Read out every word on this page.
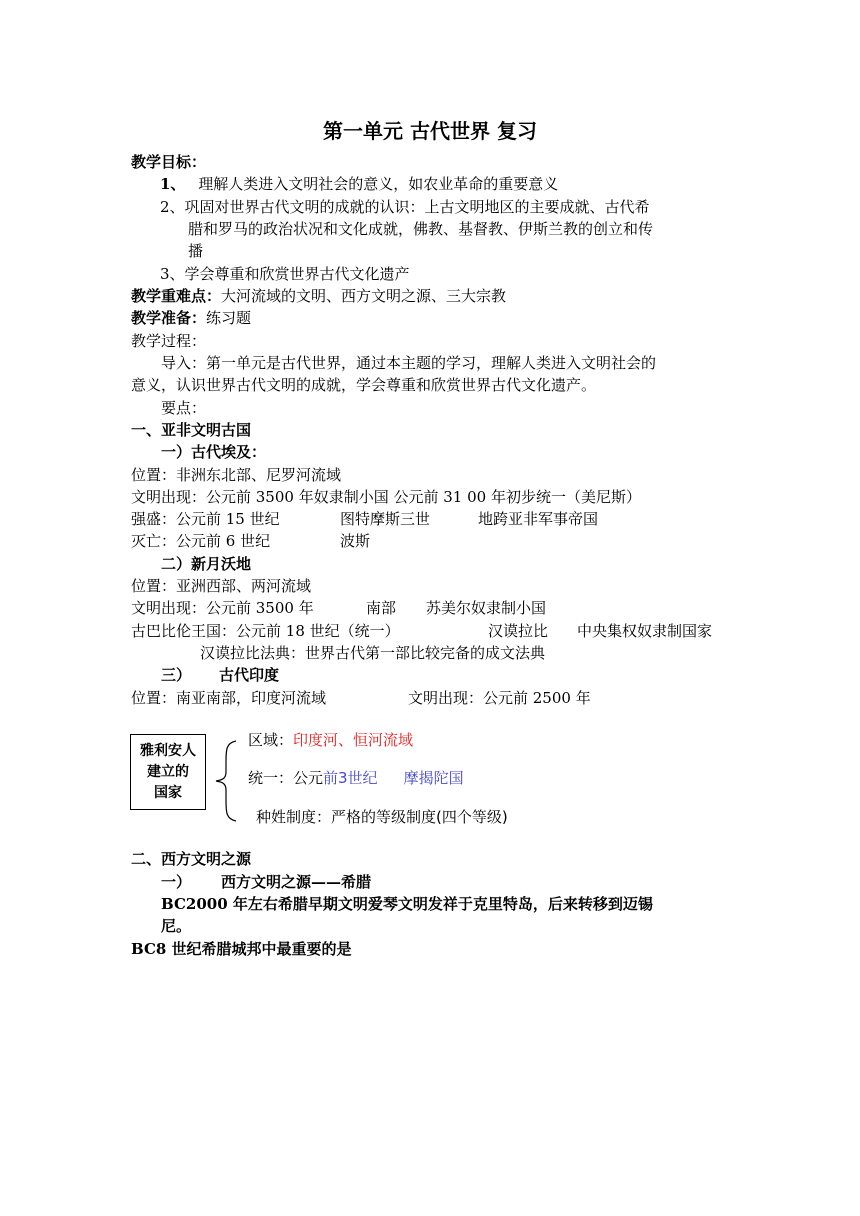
第一单元 古代世界 复习
教学目标：
1、 理解人类进入文明社会的意义，如农业革命的重要意义
2、巩固对世界古代文明的成就的认识：上古文明地区的主要成就、古代希
腊和罗马的政治状况和文化成就，佛教、基督教、伊斯兰教的创立和传
播
3、学会尊重和欣赏世界古代文化遗产
教学重难点：大河流域的文明、西方文明之源、三大宗教
教学准备：练习题
教学过程：
导入：第一单元是古代世界，通过本主题的学习，理解人类进入文明社会的
意义，认识世界古代文明的成就，学会尊重和欣赏世界古代文化遗产。
要点：
一、亚非文明古国
一）古代埃及：
位置：非洲东北部、尼罗河流域
文明出现：公元前 3500 年奴隶制小国 公元前 31 00 年初步统一（美尼斯）
强盛：公元前 15 世纪	图特摩斯三世	地跨亚非军事帝国
灭亡：公元前 6 世纪	波斯
二）新月沃地
位置：亚洲西部、两河流域
文明出现：公元前 3500 年	南部 苏美尔奴隶制小国
古巴比伦王国：公元前 18 世纪（统一）	汉谟拉比 中央集权奴隶制国家
汉谟拉比法典：世界古代第一部比较完备的成文法典
三） 古代印度
位置：南亚南部，印度河流域	文明出现：公元前 2500 年
雅利安人
建立的
国家
区域：印度河、恒河流域
统一：公元前3世纪 摩揭陀国
种姓制度：严格的等级制度(四个等级)
二、西方文明之源
一） 西方文明之源——希腊
BC2000 年左右希腊早期文明爱琴文明发祥于克里特岛，后来转移到迈锡
尼。
BC8 世纪希腊城邦中最重要的是
